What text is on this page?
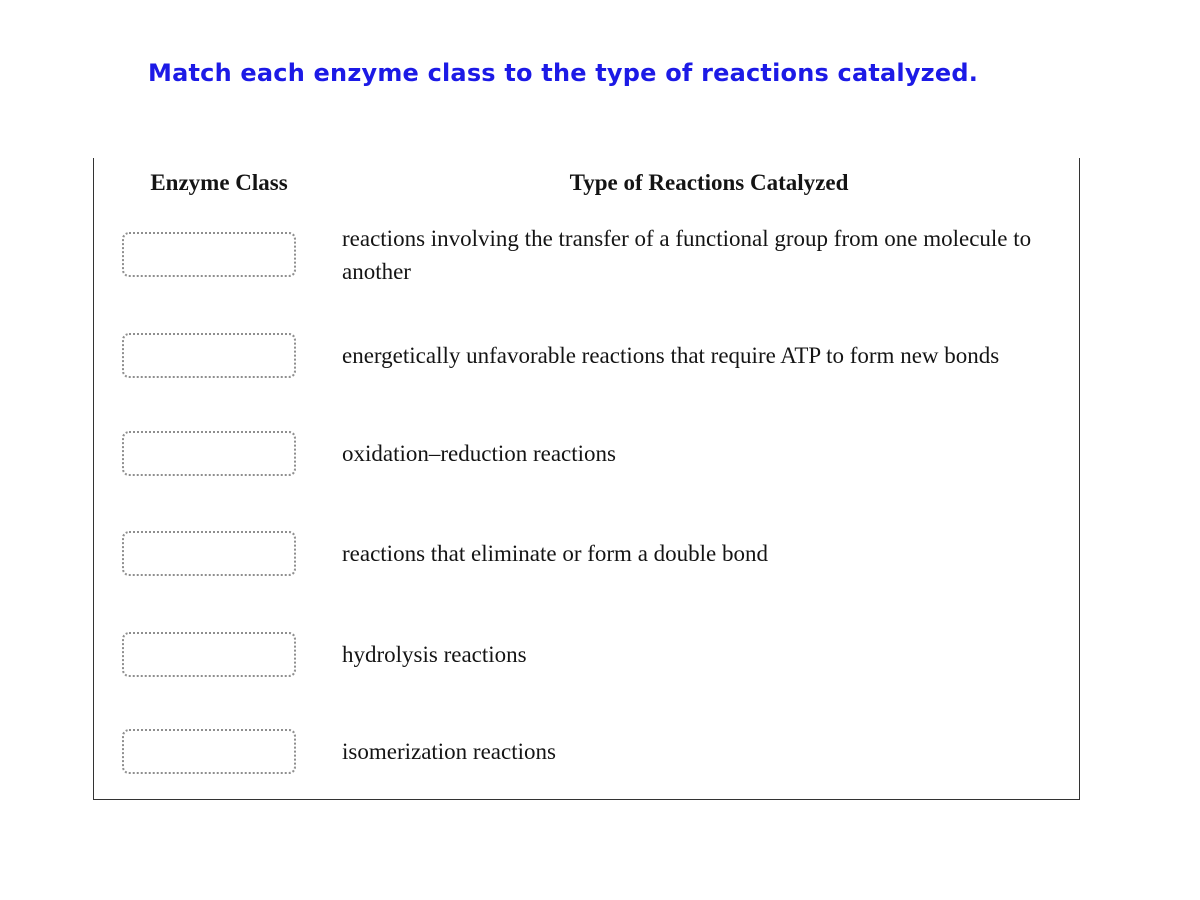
Match each enzyme class to the type of reactions catalyzed.
Enzyme Class	Type of Reactions Catalyzed
reactions involving the transfer of a functional group from one molecule to another
energetically unfavorable reactions that require ATP to form new bonds
oxidation–reduction reactions
reactions that eliminate or form a double bond
hydrolysis reactions
isomerization reactions
